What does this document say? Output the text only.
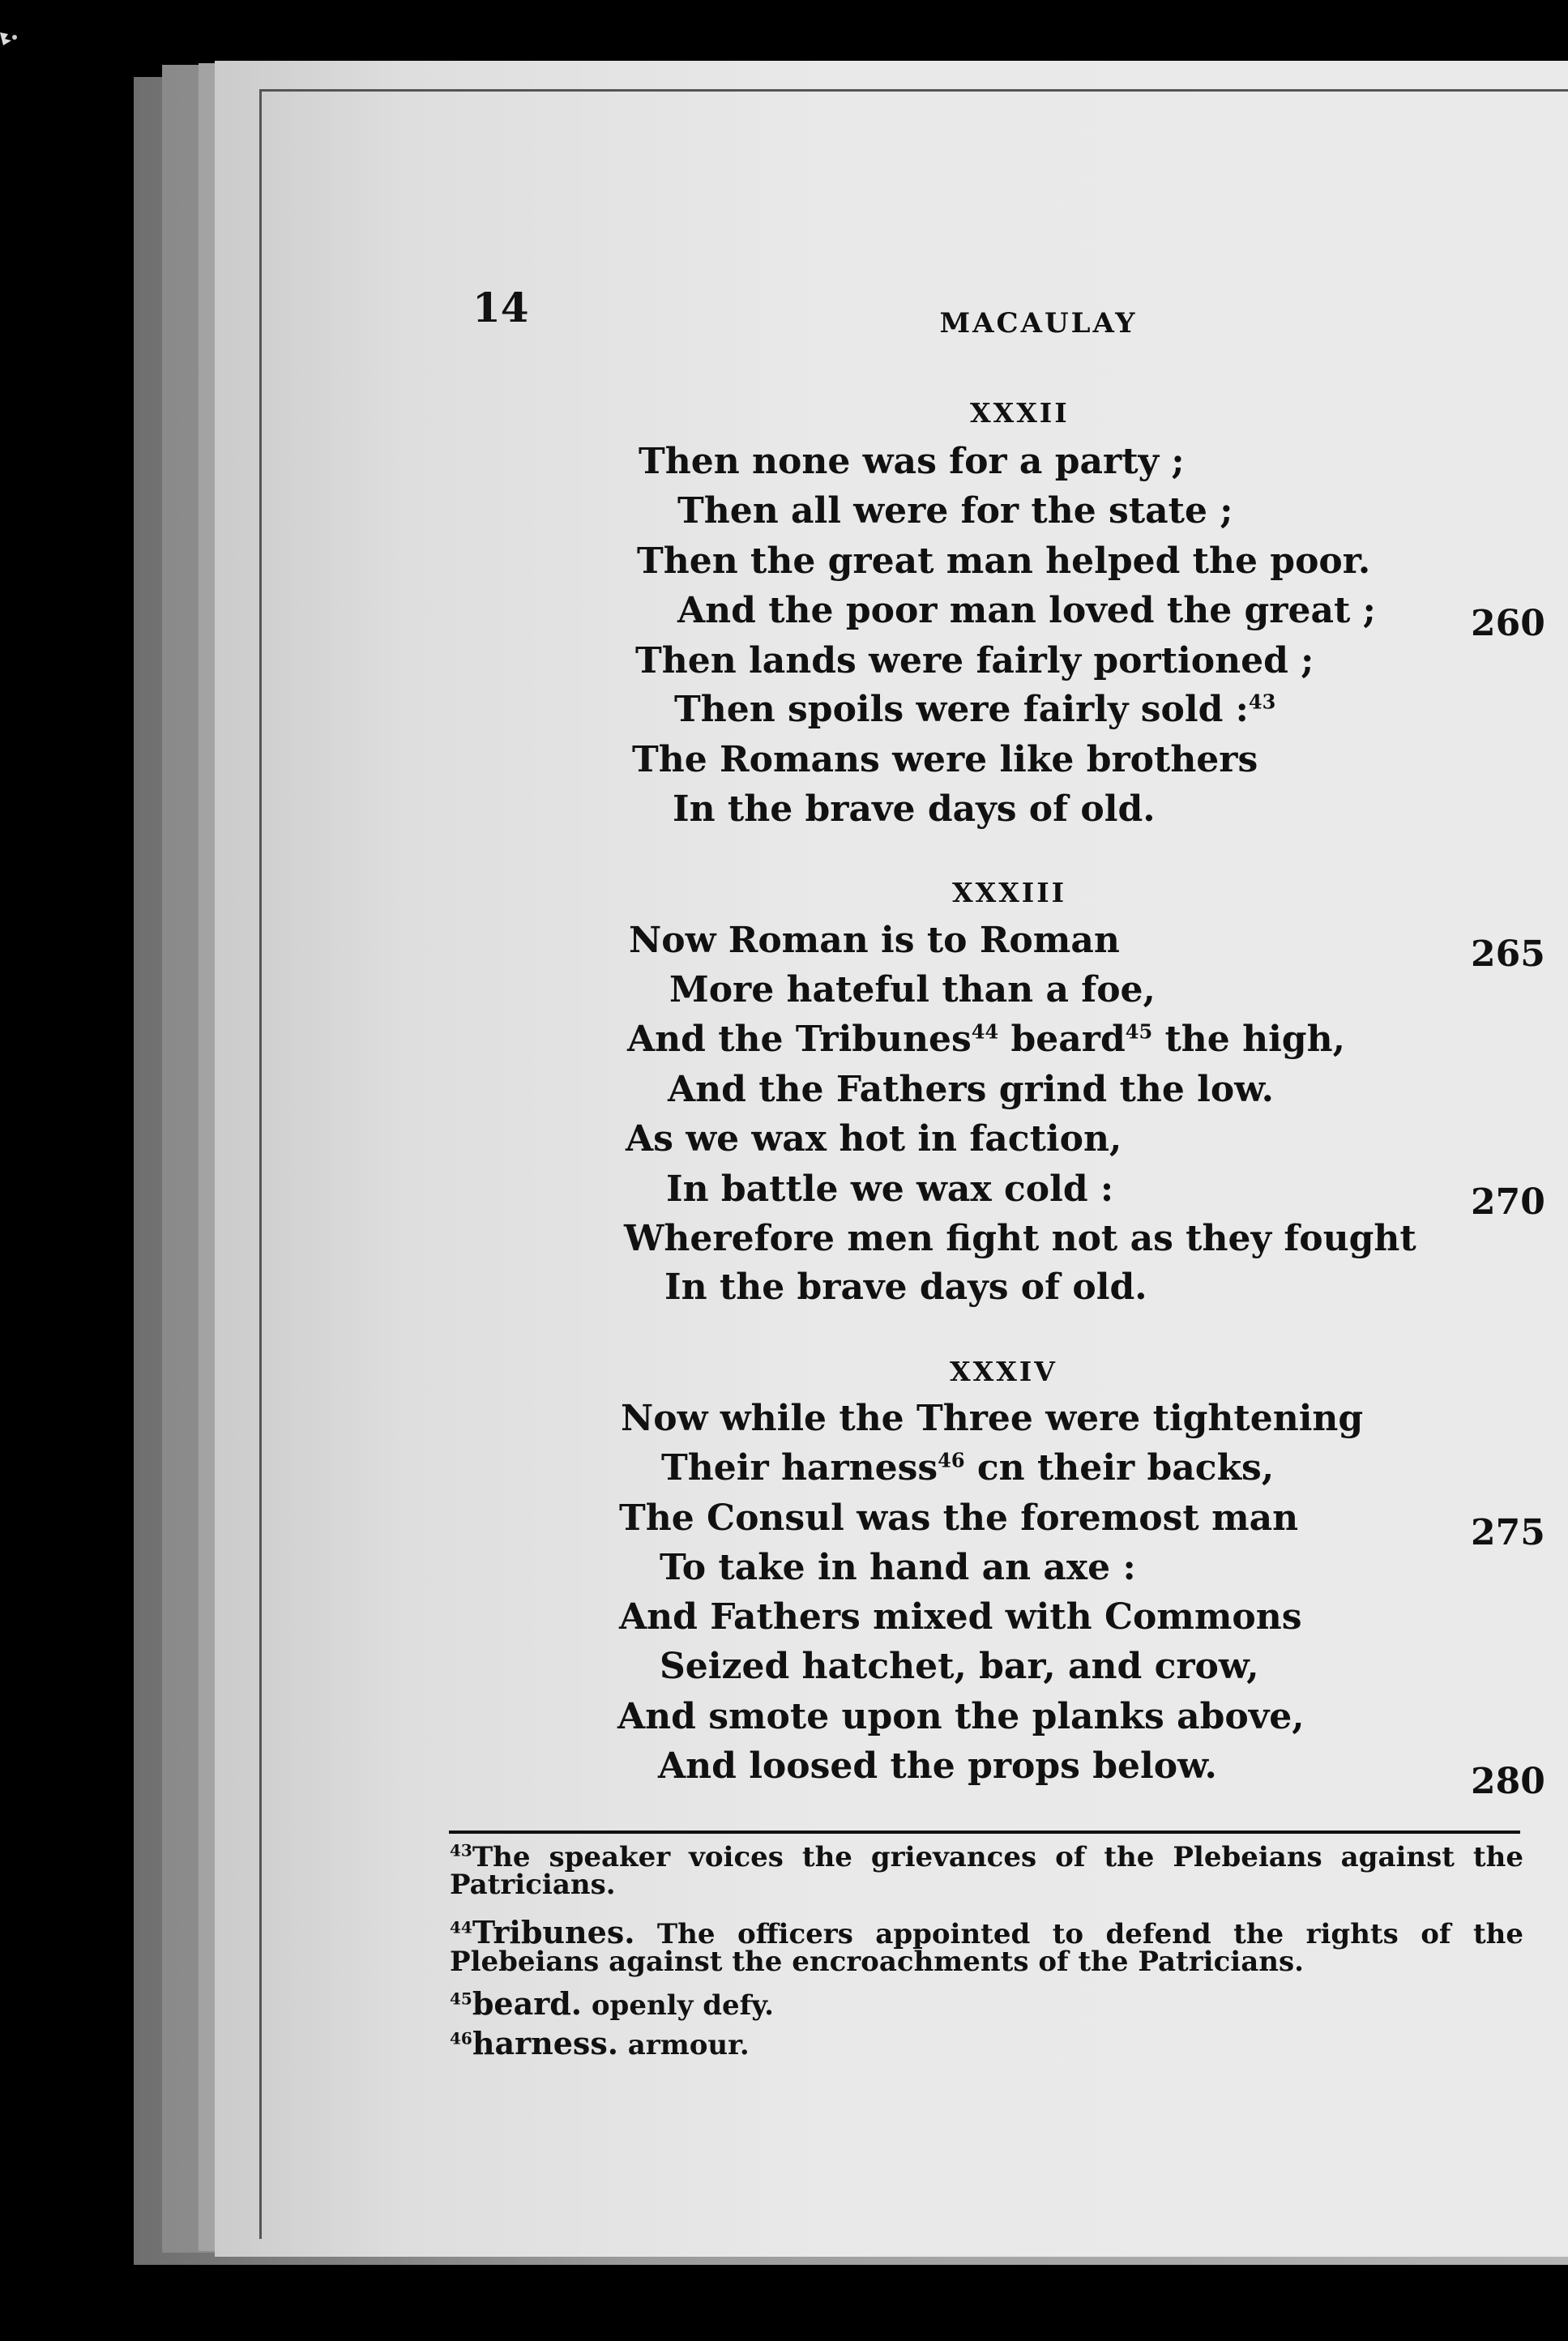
14	MACAULAY
XXXII
Then none was for a party ;
Then all were for the state ;
Then the great man helped the poor.
And the poor man loved the great ;	260
Then lands were fairly portioned ;
Then spoils were fairly sold :$^{43}$
The Romans were like brothers
In the brave days of old.
XXXIII
Now Roman is to Roman	265
More hateful than a foe,
And the Tribunes$^{44}$ beard$^{45}$ the high,
And the Fathers grind the low.
As we wax hot in faction,
In battle we wax cold :	270
Wherefore men fight not as they fought
In the brave days of old.
XXXIV
Now while the Three were tightening
Their harness$^{46}$ cn their backs,
The Consul was the foremost man	275
To take in hand an axe :
And Fathers mixed with Commons
Seized hatchet, bar, and crow,
And smote upon the planks above,
And loosed the props below.	280
$^{43}$The speaker voices the grievances of the Plebeians against the Patricians.
$^{44}$Tribunes. The officers appointed to defend the rights of the Plebeians against the encroachments of the Patricians.
$^{45}$beard. openly defy.
$^{46}$harness. armour.
